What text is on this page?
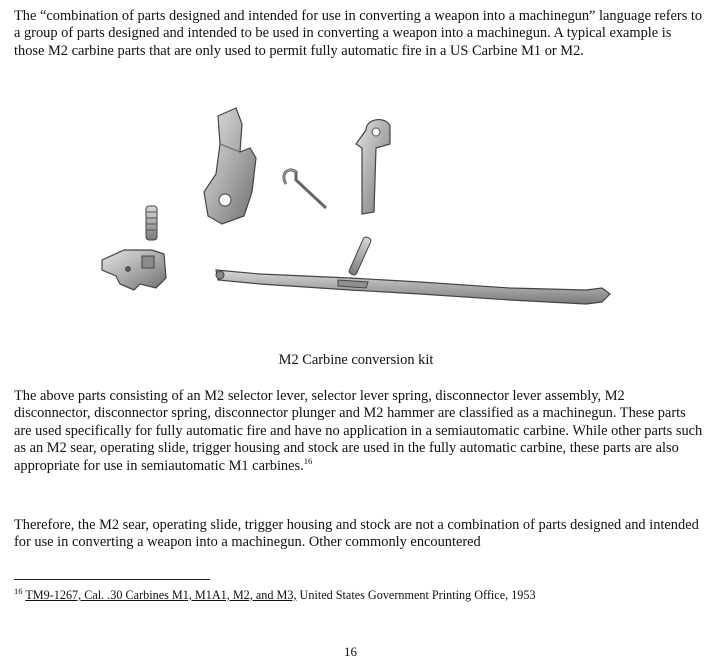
The “combination of parts designed and intended for use in converting a weapon into a machinegun” language refers to a group of parts designed and intended to be used in converting a weapon into a machinegun. A typical example is those M2 carbine parts that are only used to permit fully automatic fire in a US Carbine M1 or M2.

M2 Carbine conversion kit

The above parts consisting of an M2 selector lever, selector lever spring, disconnector lever assembly, M2 disconnector, disconnector spring, disconnector plunger and M2 hammer are classified as a machinegun. These parts are used specifically for fully automatic fire and have no application in a semiautomatic carbine. While other parts such as an M2 sear, operating slide, trigger housing and stock are used in the fully automatic carbine, these parts are also appropriate for use in semiautomatic M1 carbines.$^{16}$

Therefore, the M2 sear, operating slide, trigger housing and stock are not a combination of parts designed and intended for use in converting a weapon into a machinegun. Other commonly encountered

$^{16}$ TM9-1267, Cal. .30 Carbines M1, M1A1, M2, and M3, United States Government Printing Office, 1953
16
